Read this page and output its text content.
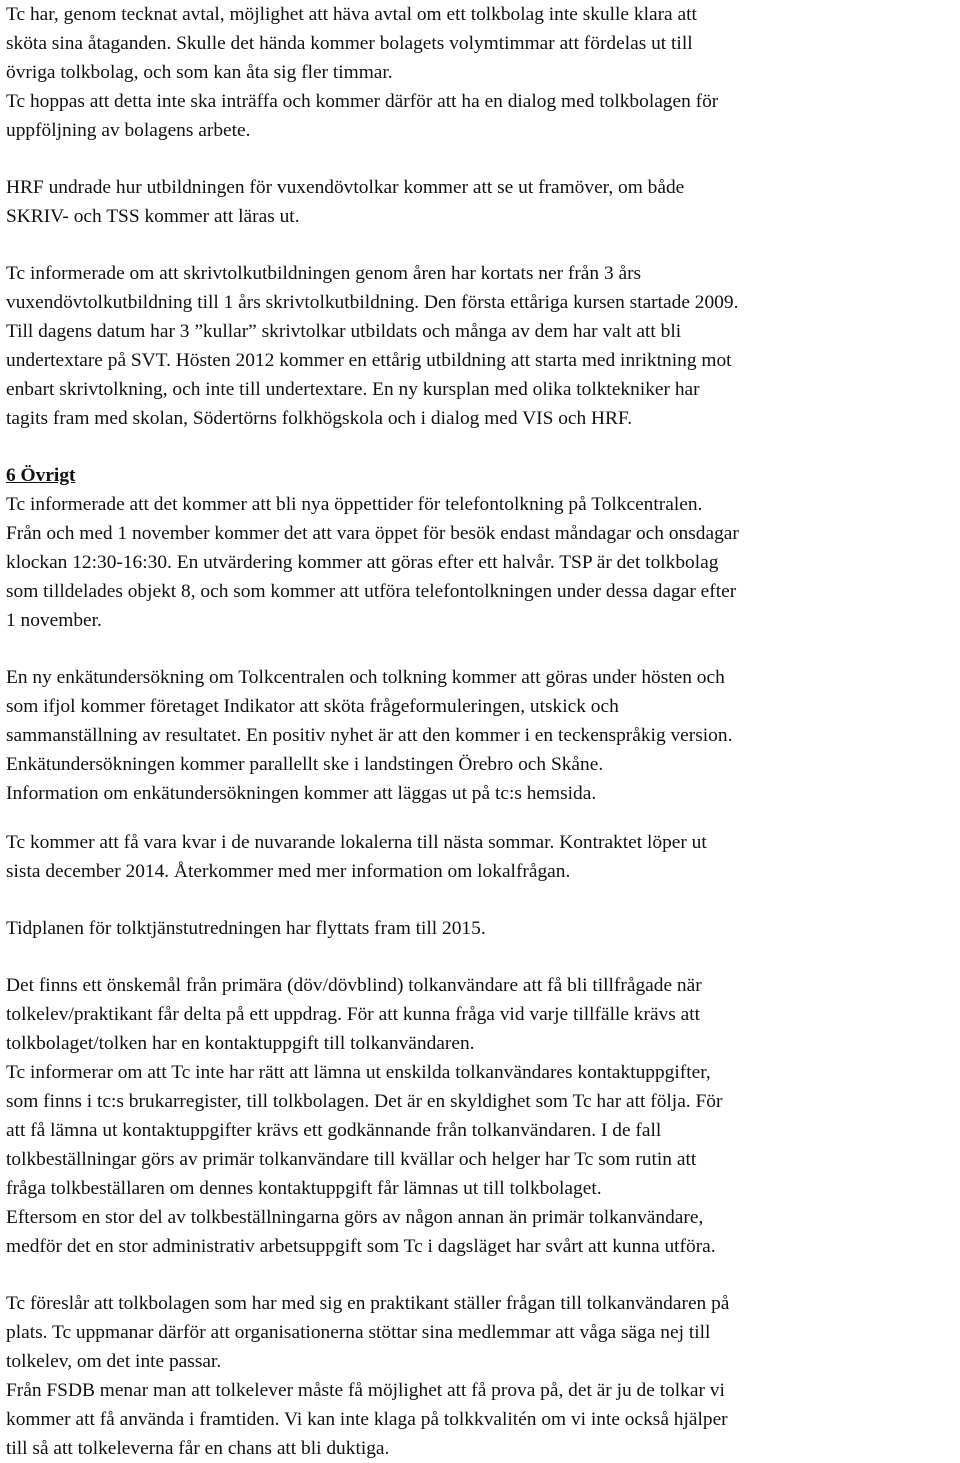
Tc har, genom tecknat avtal, möjlighet att häva avtal om ett tolkbolag inte skulle klara att
sköta sina åtaganden. Skulle det hända kommer bolagets volymtimmar att fördelas ut till
övriga tolkbolag, och som kan åta sig fler timmar.
Tc hoppas att detta inte ska inträffa och kommer därför att ha en dialog med tolkbolagen för
uppföljning av bolagens arbete.

HRF undrade hur utbildningen för vuxendövtolkar kommer att se ut framöver, om både
SKRIV- och TSS kommer att läras ut.

Tc informerade om att skrivtolkutbildningen genom åren har kortats ner från 3 års
vuxendövtolkutbildning till 1 års skrivtolkutbildning. Den första ettåriga kursen startade 2009.
Till dagens datum har 3 ”kullar” skrivtolkar utbildats och många av dem har valt att bli
undertextare på SVT. Hösten 2012 kommer en ettårig utbildning att starta med inriktning mot
enbart skrivtolkning, och inte till undertextare. En ny kursplan med olika tolktekniker har
tagits fram med skolan, Södertörns folkhögskola och i dialog med VIS och HRF.

6 Övrigt
Tc informerade att det kommer att bli nya öppettider för telefontolkning på Tolkcentralen.
Från och med 1 november kommer det att vara öppet för besök endast måndagar och onsdagar
klockan 12:30-16:30. En utvärdering kommer att göras efter ett halvår. TSP är det tolkbolag
som tilldelades objekt 8, och som kommer att utföra telefontolkningen under dessa dagar efter
1 november.

En ny enkätundersökning om Tolkcentralen och tolkning kommer att göras under hösten och
som ifjol kommer företaget Indikator att sköta frågeformuleringen, utskick och
sammanställning av resultatet. En positiv nyhet är att den kommer i en teckenspråkig version.
Enkätundersökningen kommer parallellt ske i landstingen Örebro och Skåne.
Information om enkätundersökningen kommer att läggas ut på tc:s hemsida.

Tc kommer att få vara kvar i de nuvarande lokalerna till nästa sommar. Kontraktet löper ut
sista december 2014. Återkommer med mer information om lokalfrågan.

Tidplanen för tolktjänstutredningen har flyttats fram till 2015.

Det finns ett önskemål från primära (döv/dövblind) tolkanvändare att få bli tillfrågade när
tolkelev/praktikant får delta på ett uppdrag. För att kunna fråga vid varje tillfälle krävs att
tolkbolaget/tolken har en kontaktuppgift till tolkanvändaren.
Tc informerar om att Tc inte har rätt att lämna ut enskilda tolkanvändares kontaktuppgifter,
som finns i tc:s brukarregister, till tolkbolagen. Det är en skyldighet som Tc har att följa. För
att få lämna ut kontaktuppgifter krävs ett godkännande från tolkanvändaren. I de fall
tolkbeställningar görs av primär tolkanvändare till kvällar och helger har Tc som rutin att
fråga tolkbeställaren om dennes kontaktuppgift får lämnas ut till tolkbolaget.
Eftersom en stor del av tolkbeställningarna görs av någon annan än primär tolkanvändare,
medför det en stor administrativ arbetsuppgift som Tc i dagsläget har svårt att kunna utföra.

Tc föreslår att tolkbolagen som har med sig en praktikant ställer frågan till tolkanvändaren på
plats. Tc uppmanar därför att organisationerna stöttar sina medlemmar att våga säga nej till
tolkelev, om det inte passar.
Från FSDB menar man att tolkelever måste få möjlighet att få prova på, det är ju de tolkar vi
kommer att få använda i framtiden. Vi kan inte klaga på tolkkvalitén om vi inte också hjälper
till så att tolkeleverna får en chans att bli duktiga.
